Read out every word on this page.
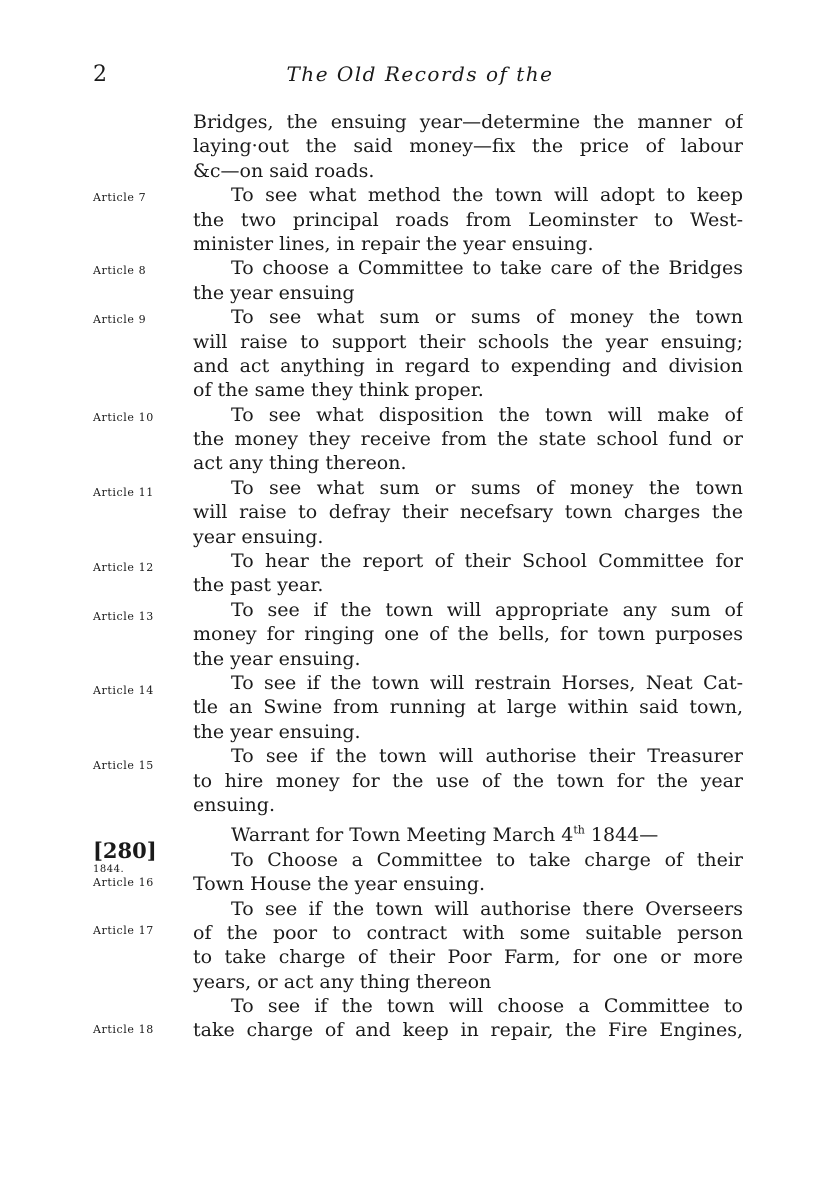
2	The Old Records of the
Article 7
Article 8
Article 9
Article 10
Article 11
Article 12
Article 13
Article 14
Article 15
[280]
1844.
Article 16
Article 17
Article 18
Bridges, the ensuing year—determine the manner of
laying·out the said money—fix the price of labour
&c—on said roads.
To see what method the town will adopt to keep
the two principal roads from Leominster to West-
minister lines, in repair the year ensuing.
To choose a Committee to take care of the Bridges
the year ensuing
To see what sum or sums of money the town
will raise to support their schools the year ensuing;
and act anything in regard to expending and division
of the same they think proper.
To see what disposition the town will make of
the money they receive from the state school fund or
act any thing thereon.
To see what sum or sums of money the town
will raise to defray their necefsary town charges the
year ensuing.
To hear the report of their School Committee for
the past year.
To see if the town will appropriate any sum of
money for ringing one of the bells, for town purposes
the year ensuing.
To see if the town will restrain Horses, Neat Cat-
tle an Swine from running at large within said town,
the year ensuing.
To see if the town will authorise their Treasurer
to hire money for the use of the town for the year
ensuing.
Warrant for Town Meeting March 4th 1844—
To Choose a Committee to take charge of their
Town House the year ensuing.
To see if the town will authorise there Overseers
of the poor to contract with some suitable person
to take charge of their Poor Farm, for one or more
years, or act any thing thereon
To see if the town will choose a Committee to
take charge of and keep in repair, the Fire Engines,
